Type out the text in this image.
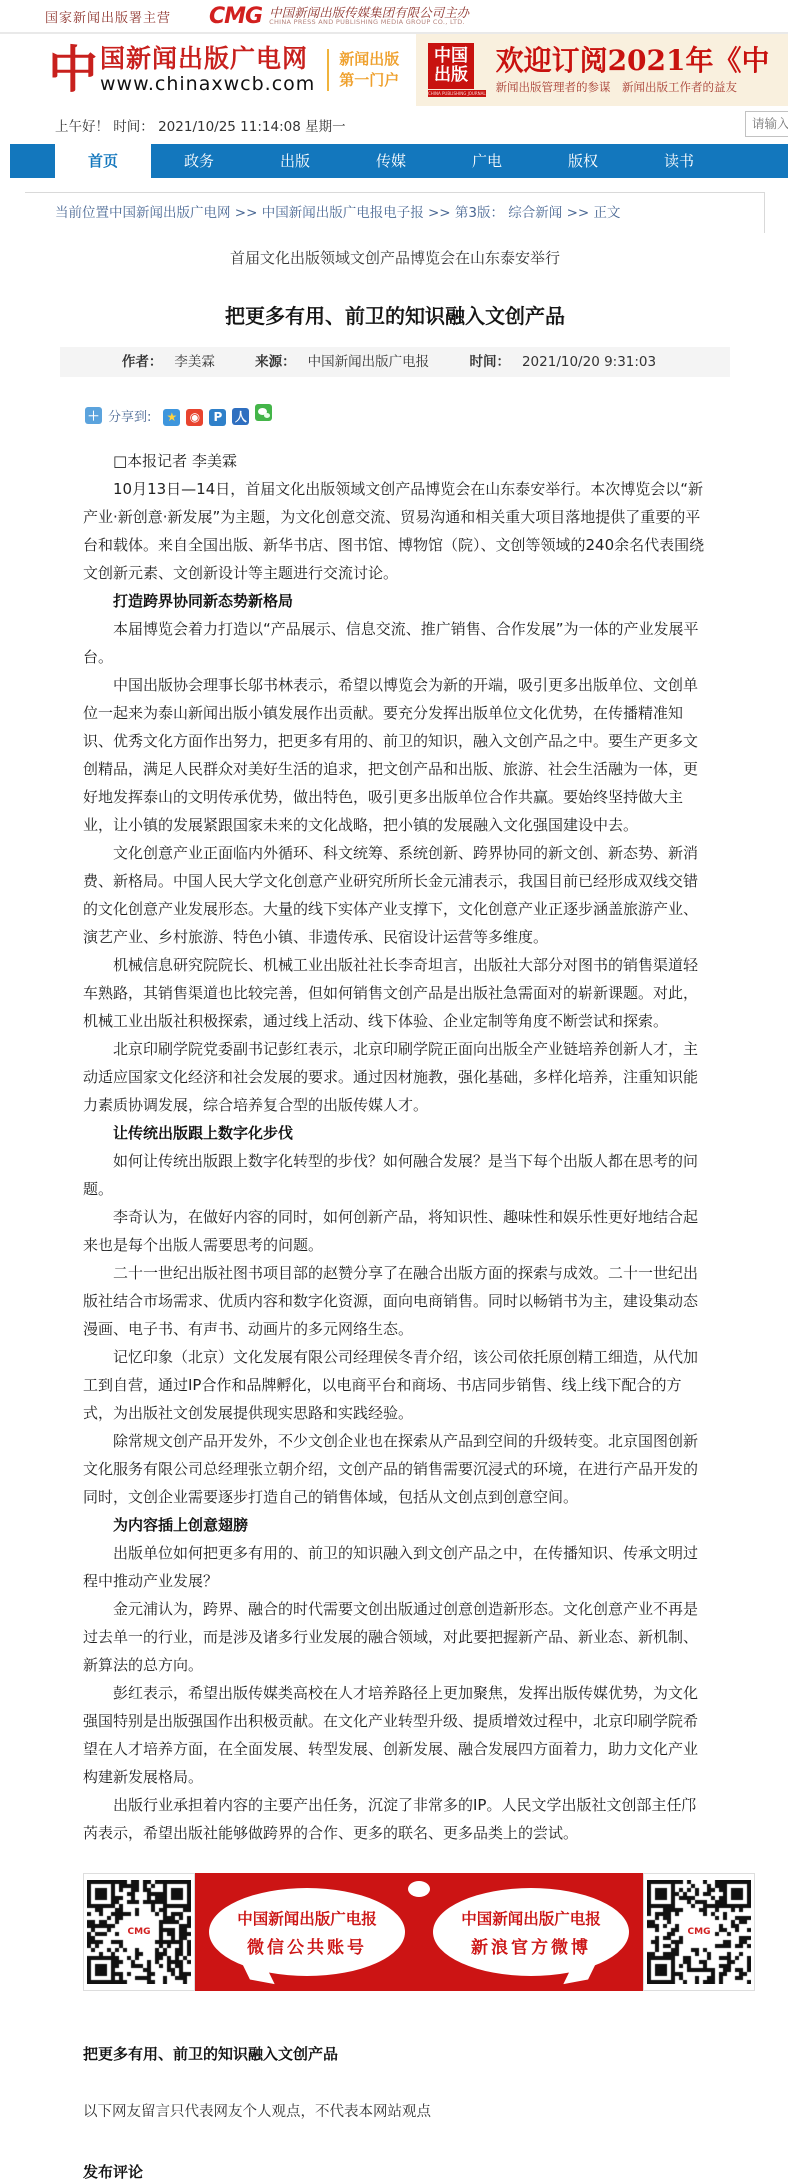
国家新闻出版署主营 CMG 中国新闻出版传媒集团有限公司主办
CHINA PRESS AND PUBLISHING MEDIA GROUP CO., LTD.
中 国新闻出版广电网
www.chinaxwcb.com
新闻出版
第一门户
中国
出版
CHINA PUBLISHING JOURNAL
欢迎订阅2021年《中
新闻出版管理者的参谋　新闻出版工作者的益友
上午好！ 时间： 2021/10/25 11:14:08 星期一
请输入关键词
首页	政务	出版	传媒	广电	版权	读书
当前位置中国新闻出版广电网 >> 中国新闻出版广电报电子报 >> 第3版： 综合新闻 >> 正文
首届文化出版领域文创产品博览会在山东泰安举行
把更多有用、前卫的知识融入文创产品
作者： 李美霖	来源： 中国新闻出版广电报	时间： 2021/10/20 9:31:03
＋ 分享到: ★ ◉ P 人

□本报记者 李美霖

10月13日—14日，首届文化出版领域文创产品博览会在山东泰安举行。本次博览会以“新产业·新创意·新发展”为主题，为文化创意交流、贸易沟通和相关重大项目落地提供了重要的平台和载体。来自全国出版、新华书店、图书馆、博物馆（院）、文创等领域的240余名代表围绕文创新元素、文创新设计等主题进行交流讨论。

打造跨界协同新态势新格局

本届博览会着力打造以“产品展示、信息交流、推广销售、合作发展”为一体的产业发展平台。

中国出版协会理事长邬书林表示，希望以博览会为新的开端，吸引更多出版单位、文创单位一起来为泰山新闻出版小镇发展作出贡献。要充分发挥出版单位文化优势，在传播精准知识、优秀文化方面作出努力，把更多有用的、前卫的知识，融入文创产品之中。要生产更多文创精品，满足人民群众对美好生活的追求，把文创产品和出版、旅游、社会生活融为一体，更好地发挥泰山的文明传承优势，做出特色，吸引更多出版单位合作共赢。要始终坚持做大主业，让小镇的发展紧跟国家未来的文化战略，把小镇的发展融入文化强国建设中去。

文化创意产业正面临内外循环、科文统筹、系统创新、跨界协同的新文创、新态势、新消费、新格局。中国人民大学文化创意产业研究所所长金元浦表示，我国目前已经形成双线交错的文化创意产业发展形态。大量的线下实体产业支撑下，文化创意产业正逐步涵盖旅游产业、演艺产业、乡村旅游、特色小镇、非遗传承、民宿设计运营等多维度。

机械信息研究院院长、机械工业出版社社长李奇坦言，出版社大部分对图书的销售渠道轻车熟路，其销售渠道也比较完善，但如何销售文创产品是出版社急需面对的崭新课题。对此，机械工业出版社积极探索，通过线上活动、线下体验、企业定制等角度不断尝试和探索。

北京印刷学院党委副书记彭红表示，北京印刷学院正面向出版全产业链培养创新人才，主动适应国家文化经济和社会发展的要求。通过因材施教，强化基础，多样化培养，注重知识能力素质协调发展，综合培养复合型的出版传媒人才。

让传统出版跟上数字化步伐

如何让传统出版跟上数字化转型的步伐？如何融合发展？是当下每个出版人都在思考的问题。

李奇认为，在做好内容的同时，如何创新产品，将知识性、趣味性和娱乐性更好地结合起来也是每个出版人需要思考的问题。

二十一世纪出版社图书项目部的赵赞分享了在融合出版方面的探索与成效。二十一世纪出版社结合市场需求、优质内容和数字化资源，面向电商销售。同时以畅销书为主，建设集动态漫画、电子书、有声书、动画片的多元网络生态。

记忆印象（北京）文化发展有限公司经理侯冬青介绍，该公司依托原创精工细造，从代加工到自营，通过IP合作和品牌孵化，以电商平台和商场、书店同步销售、线上线下配合的方式，为出版社文创发展提供现实思路和实践经验。

除常规文创产品开发外，不少文创企业也在探索从产品到空间的升级转变。北京国图创新文化服务有限公司总经理张立朝介绍，文创产品的销售需要沉浸式的环境，在进行产品开发的同时，文创企业需要逐步打造自己的销售体域，包括从文创点到创意空间。

为内容插上创意翅膀

出版单位如何把更多有用的、前卫的知识融入到文创产品之中，在传播知识、传承文明过程中推动产业发展？

金元浦认为，跨界、融合的时代需要文创出版通过创意创造新形态。文化创意产业不再是过去单一的行业，而是涉及诸多行业发展的融合领域，对此要把握新产品、新业态、新机制、新算法的总方向。

彭红表示，希望出版传媒类高校在人才培养路径上更加聚焦，发挥出版传媒优势，为文化强国特别是出版强国作出积极贡献。在文化产业转型升级、提质增效过程中，北京印刷学院希望在人才培养方面，在全面发展、转型发展、创新发展、融合发展四方面着力，助力文化产业构建新发展格局。

出版行业承担着内容的主要产出任务，沉淀了非常多的IP。人民文学出版社文创部主任邝芮表示，希望出版社能够做跨界的合作、更多的联名、更多品类上的尝试。

CMG
中国新闻出版广电报
微信公共账号
中国新闻出版广电报
新浪官方微博
CMG
把更多有用、前卫的知识融入文创产品
以下网友留言只代表网友个人观点，不代表本网站观点
发布评论
